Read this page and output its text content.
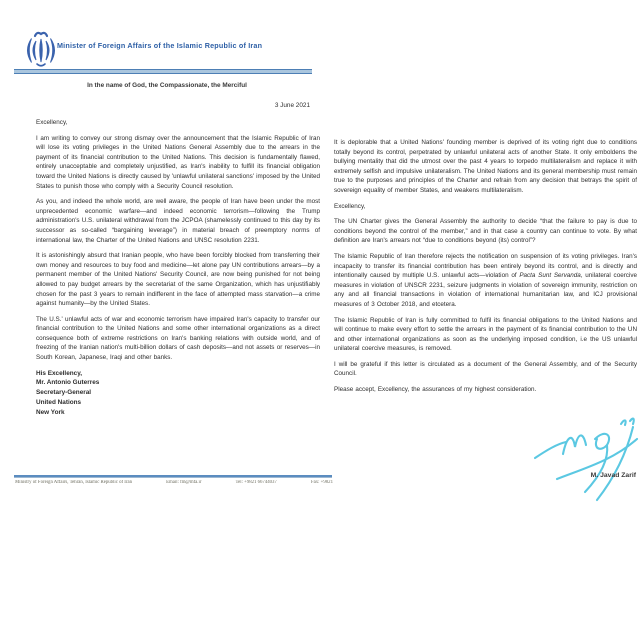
Minister of Foreign Affairs of the Islamic Republic of Iran
In the name of God, the Compassionate, the Merciful
3 June 2021

Excellency,

I am writing to convey our strong dismay over the announcement that the Islamic Republic of Iran will lose its voting privileges in the United Nations General Assembly due to the arrears in the payment of its financial contribution to the United Nations. This decision is fundamentally flawed, entirely unacceptable and completely unjustified, as Iran's inability to fulfill its financial obligation toward the United Nations is directly caused by 'unlawful unilateral sanctions' imposed by the United States to punish those who comply with a Security Council resolution.

As you, and indeed the whole world, are well aware, the people of Iran have been under the most unprecedented economic warfare—and indeed economic terrorism—following the Trump administration's U.S. unilateral withdrawal from the JCPOA (shamelessly continued to this day by its successor as so-called “bargaining leverage”) in material breach of preemptory norms of international law, the Charter of the United Nations and UNSC resolution 2231.

It is astonishingly absurd that Iranian people, who have been forcibly blocked from transferring their own money and resources to buy food and medicine—let alone pay UN contributions arrears—by a permanent member of the United Nations' Security Council, are now being punished for not being allowed to pay budget arrears by the secretariat of the same Organization, which has unjustifiably chosen for the past 3 years to remain indifferent in the face of attempted mass starvation—a crime against humanity—by the United States.

The U.S.' unlawful acts of war and economic terrorism have impaired Iran's capacity to transfer our financial contribution to the United Nations and some other international organizations as a direct consequence both of extreme restrictions on Iran's banking relations with outside world, and of freezing of the Iranian nation's multi-billion dollars of cash deposits—and not assets or reserves—in South Korean, Japanese, Iraqi and other banks.

His Excellency,
Mr. Antonio Guterres
Secretary-General
United Nations
New York
Ministry of Foreign Affairs, Tehran, Islamic Republic of Iran	Email: fm@mfa.ir	Tel: +9821 66744037	Fax: +9821

It is deplorable that a United Nations' founding member is deprived of its voting right due to conditions totally beyond its control, perpetrated by unlawful unilateral acts of another State. It only emboldens the bullying mentality that did the utmost over the past 4 years to torpedo multilateralism and replace it with extremely selfish and impulsive unilateralism. The United Nations and its general membership must remain true to the purposes and principles of the Charter and refrain from any decision that betrays the spirit of sovereign equality of member States, and weakens multilateralism.

Excellency,

The UN Charter gives the General Assembly the authority to decide “that the failure to pay is due to conditions beyond the control of the member,” and in that case a country can continue to vote. By what definition are Iran's arrears not “due to conditions beyond (its) control”?

The Islamic Republic of Iran therefore rejects the notification on suspension of its voting privileges. Iran's incapacity to transfer its financial contribution has been entirely beyond its control, and is directly and intentionally caused by multiple U.S. unlawful acts—violation of Pacta Sunt Servanda, unilateral coercive measures in violation of UNSCR 2231, seizure judgments in violation of sovereign immunity, restriction on any and all financial transactions in violation of international humanitarian law, and ICJ provisional measures of 3 October 2018, and etcetera.

The Islamic Republic of Iran is fully committed to fulfil its financial obligations to the United Nations and will continue to make every effort to settle the arrears in the payment of its financial contribution to the UN and other international organizations as soon as the underlying imposed condition, i.e the US unlawful unilateral coercive measures, is removed.

I will be grateful if this letter is circulated as a document of the General Assembly, and of the Security Council.

Please accept, Excellency, the assurances of my highest consideration.

M. Javad Zarif
